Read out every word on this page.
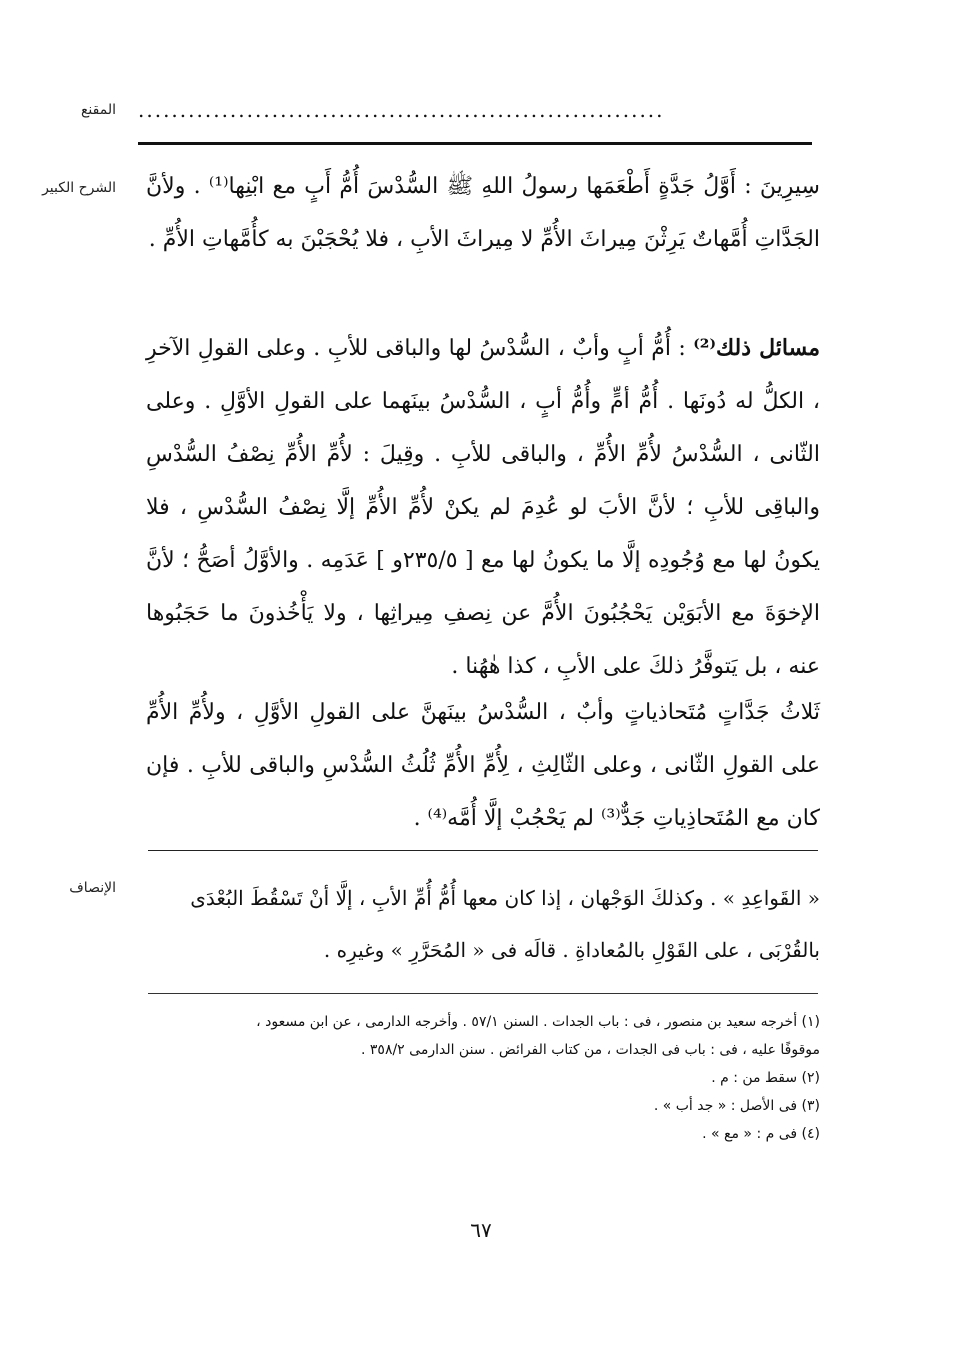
المقنع ...............................................................
الشرح الكبير سِيرِينَ : أَوَّلُ جَدَّةٍ أَطْعَمَها رسولُ اللهِ ﷺ السُّدْسَ أُمُّ أَبٍ مع ابْنِها⁽¹⁾ . ولأنَّ الجَدَّاتِ أُمَّهاتٌ يَرِثْنَ مِيراثَ الأُمِّ لا مِيراثَ الأبِ ، فلا يُحْجَبْنَ به كأُمَّهاتِ الأُمِّ .
مسائل ذلك⁽²⁾ : أُمُّ أبٍ وأبٌ ، السُّدْسُ لها والباقى للأبِ . وعلى القولِ الآخرِ ، الكلُّ له دُونَها . أُمُّ أمٍّ وأُمُّ أبٍ ، السُّدْسُ بينَهما على القولِ الأوَّلِ . وعلى الثّانى ، السُّدْسُ لأُمِّ الأُمِّ ، والباقى للأبِ . وقِيلَ : لأُمِّ الأُمِّ نِصْفُ السُّدْسِ والباقِى للأبِ ؛ لأنَّ الأبَ لو عُدِمَ لم يكنْ لأُمِّ الأُمِّ إلَّا نِصْفُ السُّدْسِ ، فلا يكونُ لها مع وُجُودِه إلَّا ما يكونُ لها مع [ ٢٣٥/٥و ] عَدَمِه . والأوَّلُ أصَحُّ ؛ لأنَّ الإخوَةَ مع الأبَوَيْن يَحْجُبُونَ الأُمَّ عن نِصفِ مِيراثِها ، ولا يَأْخُذونَ ما حَجَبُوها عنه ، بل يَتوفَّرُ ذلكَ على الأبِ ، كذا هٰهُنا .
ثَلاثُ جَدَّاتٍ مُتَحاذياتٍ وأبٌ ، السُّدْسُ بينَهنَّ على القولِ الأوَّلِ ، ولأُمِّ الأُمِّ على القولِ الثّانى ، وعلى الثّالِثِ ، لِأُمِّ الأُمِّ ثُلُثُ السُّدْسِ والباقى للأبِ . فإن كان مع المُتَحاذِياتِ جَدٌّ⁽³⁾ لم يَحْجُبْ إلَّا أُمَّه⁽⁴⁾ .
الإنصاف	« القَواعِدِ » . وكذلكَ الوَجْهان ، إذا كان معها أُمُّ أُمِّ الأبِ ، إلَّا أنْ تَسْقُطَ البُعْدَى بالقُرْبَى ، على القَوْلِ بالمُعاداةِ . قالَه فى « المُحَرَّرِ » وغيرِه .
(١) أخرجه سعيد بن منصور ، فى : باب الجدات . السنن ٥٧/١ . وأخرجه الدارمى ، عن ابن مسعود ،
موقوفًا عليه ، فى : باب فى الجدات ، من كتاب الفرائض . سنن الدارمى ٣٥٨/٢ .
(٢) سقط من : م .
(٣) فى الأصل : « جد أب » .
(٤) فى م : « مع » .
٦٧
